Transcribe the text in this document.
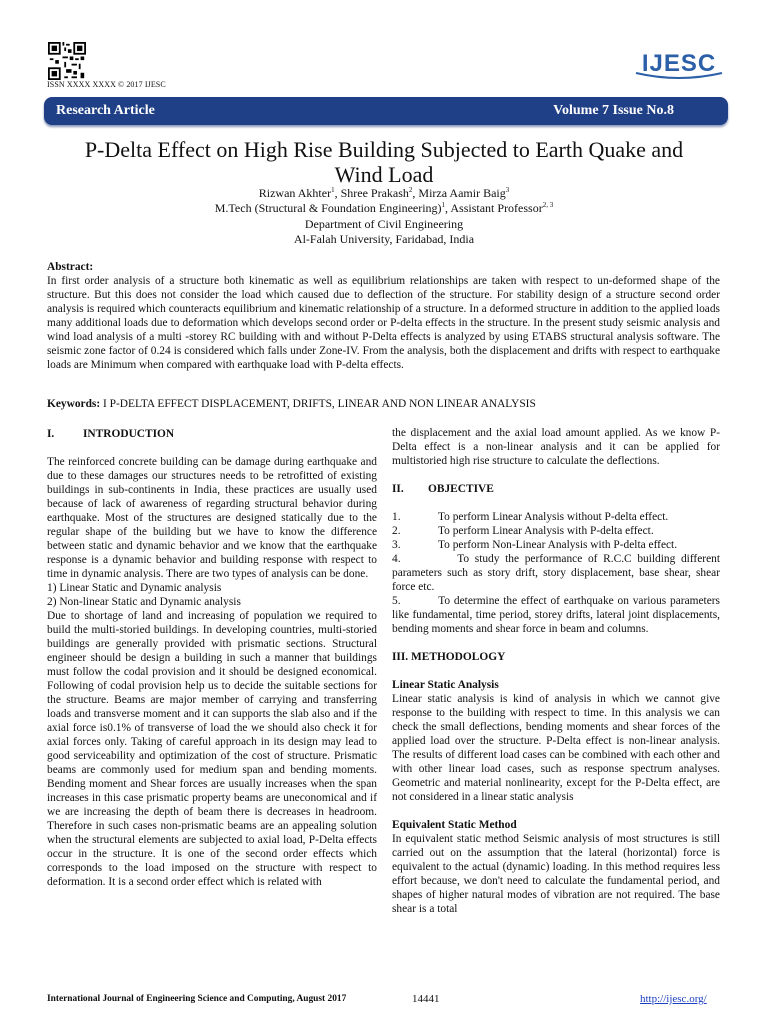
ISSN XXXX XXXX © 2017 IJESC
IJESC
Research Article	Volume 7 Issue No.8
P-Delta Effect on High Rise Building Subjected to Earth Quake and
Wind Load
Rizwan Akhter$^1$, Shree Prakash$^2$, Mirza Aamir Baig$^3$
M.Tech (Structural & Foundation Engineering)$^1$, Assistant Professor$^{2, 3}$
Department of Civil Engineering
Al-Falah University, Faridabad, India
Abstract:
In first order analysis of a structure both kinematic as well as equilibrium relationships are taken with respect to un-deformed shape of the structure. But this does not consider the load which caused due to deflection of the structure. For stability design of a structure second order analysis is required which counteracts equilibrium and kinematic relationship of a structure. In a deformed structure in addition to the applied loads many additional loads due to deformation which develops second order or P-delta effects in the structure. In the present study seismic analysis and wind load analysis of a multi -storey RC building with and without P-Delta effects is analyzed by using ETABS structural analysis software. The seismic zone factor of 0.24 is considered which falls under Zone-IV. From the analysis, both the displacement and drifts with respect to earthquake loads are Minimum when compared with earthquake load with P-delta effects.
Keywords: I P-DELTA EFFECT DISPLACEMENT, DRIFTS, LINEAR AND NON LINEAR ANALYSIS

I.	INTRODUCTION

The reinforced concrete building can be damage during earthquake and due to these damages our structures needs to be retrofitted of existing buildings in sub-continents in India, these practices are usually used because of lack of awareness of regarding structural behavior during earthquake. Most of the structures are designed statically due to the regular shape of the building but we have to know the difference between static and dynamic behavior and we know that the earthquake response is a dynamic behavior and building response with respect to time in dynamic analysis. There are two types of analysis can be done.

1) Linear Static and Dynamic analysis

2) Non-linear Static and Dynamic analysis

Due to shortage of land and increasing of population we required to build the multi-storied buildings. In developing countries, multi-storied buildings are generally provided with prismatic sections. Structural engineer should be design a building in such a manner that buildings must follow the codal provision and it should be designed economical. Following of codal provision help us to decide the suitable sections for the structure. Beams are major member of carrying and transferring loads and transverse moment and it can supports the slab also and if the axial force is0.1% of transverse of load the we should also check it for axial forces only. Taking of careful approach in its design may lead to good serviceability and optimization of the cost of structure. Prismatic beams are commonly used for medium span and bending moments. Bending moment and Shear forces are usually increases when the span increases in this case prismatic property beams are uneconomical and if we are increasing the depth of beam there is decreases in headroom. Therefore in such cases non-prismatic beams are an appealing solution when the structural elements are subjected to axial load, P-Delta effects occur in the structure. It is one of the second order effects which corresponds to the load imposed on the structure with respect to deformation. It is a second order effect which is related with

the displacement and the axial load amount applied. As we know P-Delta effect is a non-linear analysis and it can be applied for multistoried high rise structure to calculate the deflections.

II. OBJECTIVE

1.	To perform Linear Analysis without P-delta effect.
2.	To perform Linear Analysis with P-delta effect.
3.	To perform Non-Linear Analysis with P-delta effect.

4.          To study the performance of R.C.C building different parameters such as story drift, story displacement, base shear, shear force etc.

5.          To determine the effect of earthquake on various parameters like fundamental, time period, storey drifts, lateral joint displacements, bending moments and shear force in beam and columns.

III. METHODOLOGY

Linear Static Analysis

Linear static analysis is kind of analysis in which we cannot give response to the building with respect to time. In this analysis we can check the small deflections, bending moments and shear forces of the applied load over the structure. P-Delta effect is non-linear analysis. The results of different load cases can be combined with each other and with other linear load cases, such as response spectrum analyses. Geometric and material nonlinearity, except for the P-Delta effect, are not considered in a linear static analysis

Equivalent Static Method

In equivalent static method Seismic analysis of most structures is still carried out on the assumption that the lateral (horizontal) force is equivalent to the actual (dynamic) loading. In this method requires less effort because, we don't need to calculate the fundamental period, and shapes of higher natural modes of vibration are not required. The base shear is a total

International Journal of Engineering Science and Computing, August 2017	14441	http://ijesc.org/
